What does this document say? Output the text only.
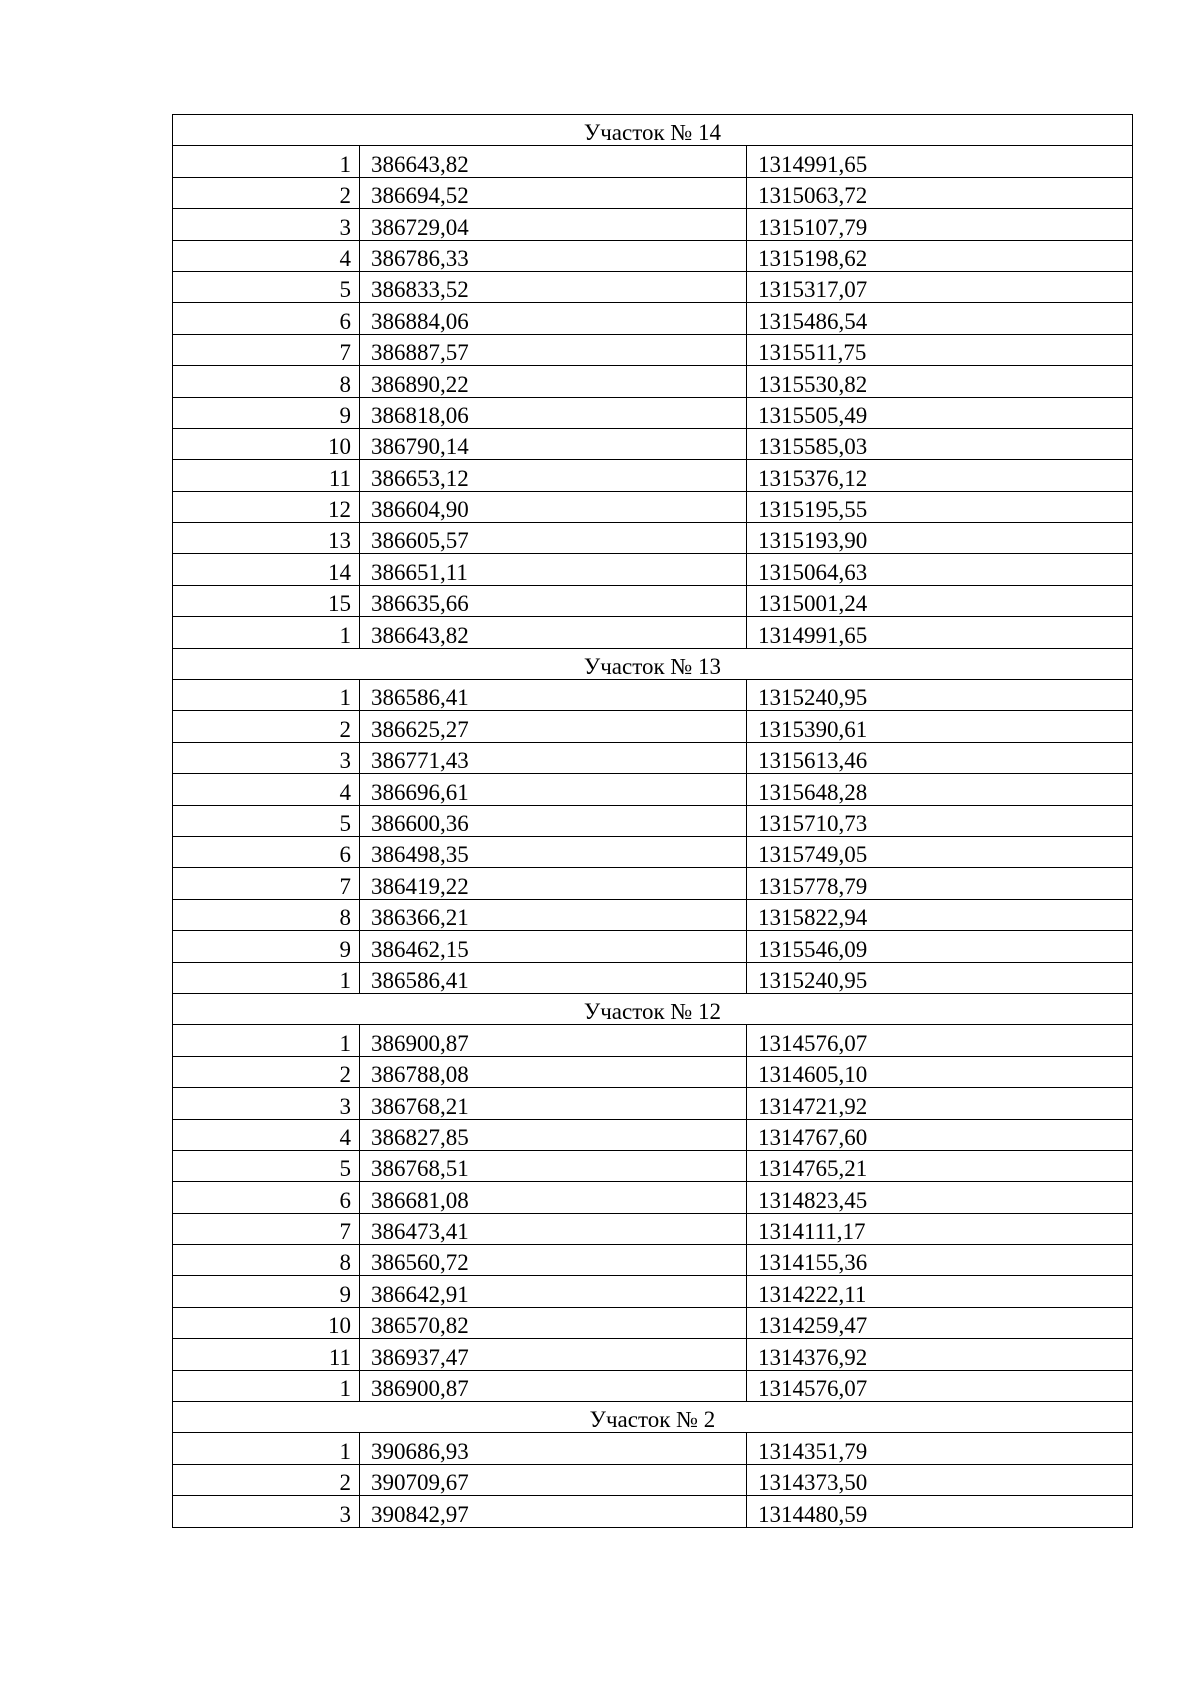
Участок № 14		
1	386643,82	1314991,65
2	386694,52	1315063,72
3	386729,04	1315107,79
4	386786,33	1315198,62
5	386833,52	1315317,07
6	386884,06	1315486,54
7	386887,57	1315511,75
8	386890,22	1315530,82
9	386818,06	1315505,49
10	386790,14	1315585,03
11	386653,12	1315376,12
12	386604,90	1315195,55
13	386605,57	1315193,90
14	386651,11	1315064,63
15	386635,66	1315001,24
1	386643,82	1314991,65
Участок № 13		
1	386586,41	1315240,95
2	386625,27	1315390,61
3	386771,43	1315613,46
4	386696,61	1315648,28
5	386600,36	1315710,73
6	386498,35	1315749,05
7	386419,22	1315778,79
8	386366,21	1315822,94
9	386462,15	1315546,09
1	386586,41	1315240,95
Участок № 12		
1	386900,87	1314576,07
2	386788,08	1314605,10
3	386768,21	1314721,92
4	386827,85	1314767,60
5	386768,51	1314765,21
6	386681,08	1314823,45
7	386473,41	1314111,17
8	386560,72	1314155,36
9	386642,91	1314222,11
10	386570,82	1314259,47
11	386937,47	1314376,92
1	386900,87	1314576,07
Участок № 2		
1	390686,93	1314351,79
2	390709,67	1314373,50
3	390842,97	1314480,59
